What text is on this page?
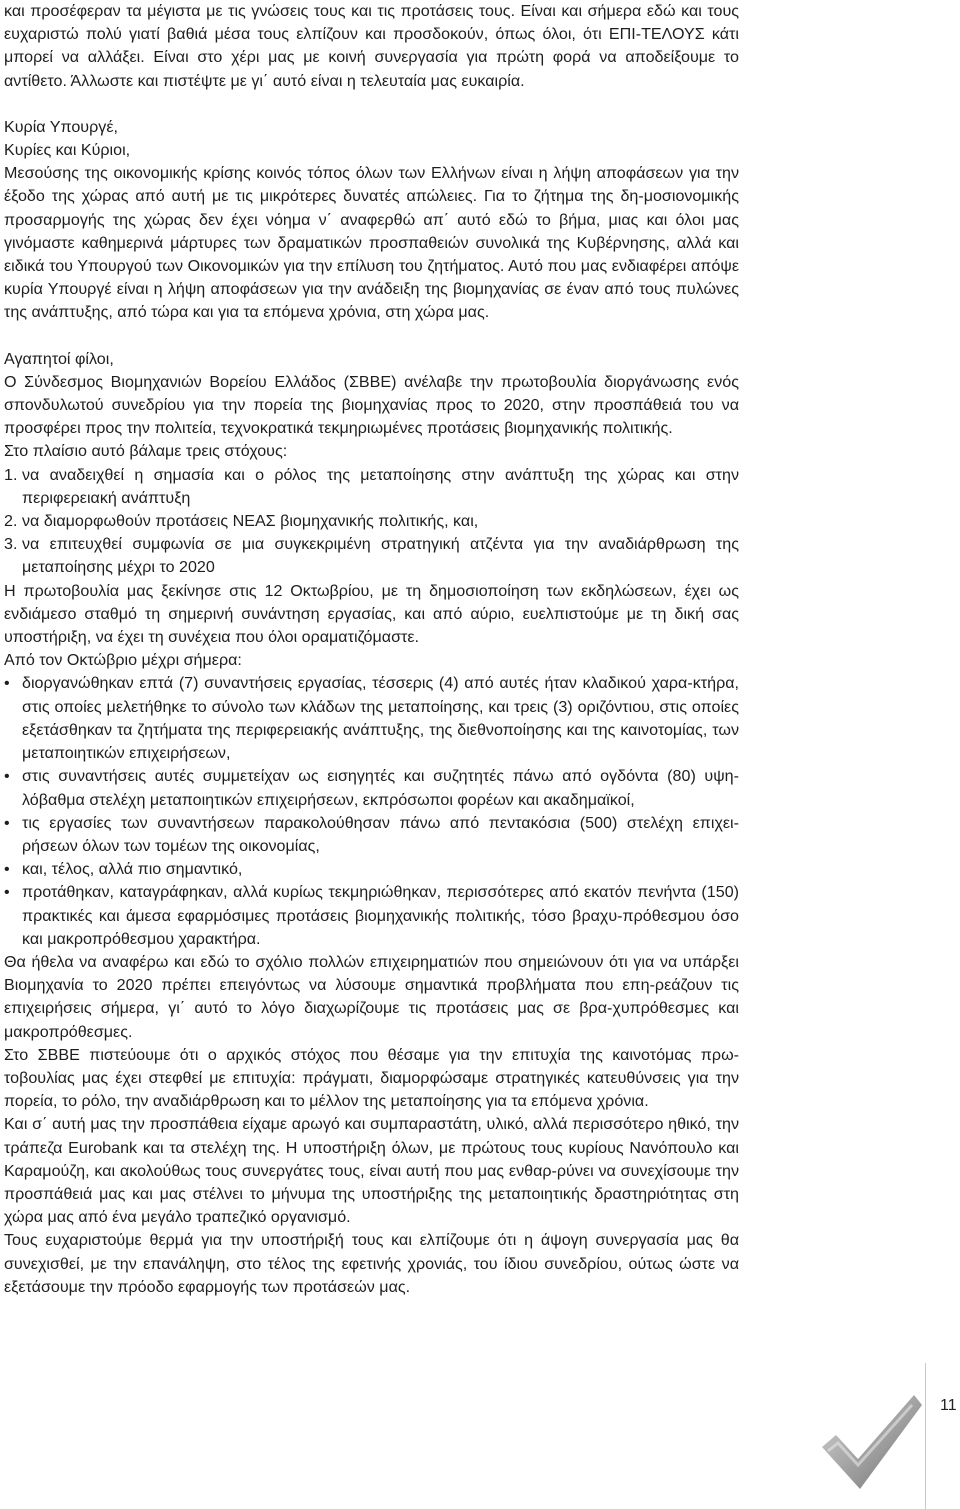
και προσέφεραν τα μέγιστα με τις γνώσεις τους και τις προτάσεις τους. Είναι και σήμερα εδώ και τους ευχαριστώ πολύ γιατί βαθιά μέσα τους ελπίζουν και προσδοκούν, όπως όλοι, ότι ΕΠΙ-ΤΕΛΟΥΣ κάτι μπορεί να αλλάξει. Είναι στο χέρι μας με κοινή συνεργασία για πρώτη φορά να αποδείξουμε το αντίθετο. Άλλωστε και πιστέψτε με γι΄ αυτό είναι η τελευταία μας ευκαιρία.

Κυρία Υπουργέ,

Κυρίες και Κύριοι,

Μεσούσης της οικονομικής κρίσης κοινός τόπος όλων των Ελλήνων είναι η λήψη αποφάσεων για την έξοδο της χώρας από αυτή με τις μικρότερες δυνατές απώλειες. Για το ζήτημα της δη-μοσιονομικής προσαρμογής της χώρας δεν έχει νόημα ν΄ αναφερθώ απ΄ αυτό εδώ το βήμα, μιας και όλοι μας γινόμαστε καθημερινά μάρτυρες των δραματικών προσπαθειών συνολικά της Κυβέρνησης, αλλά και ειδικά του Υπουργού των Οικονομικών για την επίλυση του ζητήματος. Αυτό που μας ενδιαφέρει απόψε κυρία Υπουργέ είναι η λήψη αποφάσεων για την ανάδειξη της βιομηχανίας σε έναν από τους πυλώνες της ανάπτυξης, από τώρα και για τα επόμενα χρόνια, στη χώρα μας.

Αγαπητοί φίλοι,

Ο Σύνδεσμος Βιομηχανιών Βορείου Ελλάδος (ΣΒΒΕ) ανέλαβε την πρωτοβουλία διοργάνωσης ενός σπονδυλωτού συνεδρίου για την πορεία της βιομηχανίας προς το 2020, στην προσπάθειά του να προσφέρει προς την πολιτεία, τεχνοκρατικά τεκμηριωμένες προτάσεις βιομηχανικής πολιτικής.

Στο πλαίσιο αυτό βάλαμε τρεις στόχους:

1. να αναδειχθεί η σημασία και ο ρόλος της μεταποίησης στην ανάπτυξη της χώρας και στην περιφερειακή ανάπτυξη
2. να διαμορφωθούν προτάσεις ΝΕΑΣ βιομηχανικής πολιτικής, και,
3. να επιτευχθεί συμφωνία σε μια συγκεκριμένη στρατηγική ατζέντα για την αναδιάρθρωση της μεταποίησης μέχρι το 2020

Η πρωτοβουλία μας ξεκίνησε στις 12 Οκτωβρίου, με τη δημοσιοποίηση των εκδηλώσεων, έχει ως ενδιάμεσο σταθμό τη σημερινή συνάντηση εργασίας, και από αύριο, ευελπιστούμε με τη δική σας υποστήριξη, να έχει τη συνέχεια που όλοι οραματιζόμαστε.

Από τον Οκτώβριο μέχρι σήμερα:

• διοργανώθηκαν επτά (7) συναντήσεις εργασίας, τέσσερις (4) από αυτές ήταν κλαδικού χαρα-κτήρα, στις οποίες μελετήθηκε το σύνολο των κλάδων της μεταποίησης, και τρεις (3) οριζόντιου, στις οποίες εξετάσθηκαν τα ζητήματα της περιφερειακής ανάπτυξης, της διεθνοποίησης και της καινοτομίας, των μεταποιητικών επιχειρήσεων,
• στις συναντήσεις αυτές συμμετείχαν ως εισηγητές και συζητητές πάνω από ογδόντα (80) υψη-λόβαθμα στελέχη μεταποιητικών επιχειρήσεων, εκπρόσωποι φορέων και ακαδημαϊκοί,
• τις εργασίες των συναντήσεων παρακολούθησαν πάνω από πεντακόσια (500) στελέχη επιχει-ρήσεων όλων των τομέων της οικονομίας,
• και, τέλος, αλλά πιο σημαντικό,
• προτάθηκαν, καταγράφηκαν, αλλά κυρίως τεκμηριώθηκαν, περισσότερες από εκατόν πενήντα (150) πρακτικές και άμεσα εφαρμόσιμες προτάσεις βιομηχανικής πολιτικής, τόσο βραχυ-πρόθεσμου όσο και μακροπρόθεσμου χαρακτήρα.

Θα ήθελα να αναφέρω και εδώ το σχόλιο πολλών επιχειρηματιών που σημειώνουν ότι για να υπάρξει Βιομηχανία το 2020 πρέπει επειγόντως να λύσουμε σημαντικά προβλήματα που επη-ρεάζουν τις επιχειρήσεις σήμερα, γι΄ αυτό το λόγο διαχωρίζουμε τις προτάσεις μας σε βρα-χυπρόθεσμες και μακροπρόθεσμες.

Στο ΣΒΒΕ πιστεύουμε ότι ο αρχικός στόχος που θέσαμε για την επιτυχία της καινοτόμας πρω-τοβουλίας μας έχει στεφθεί με επιτυχία: πράγματι, διαμορφώσαμε στρατηγικές κατευθύνσεις για την πορεία, το ρόλο, την αναδιάρθρωση και το μέλλον της μεταποίησης για τα επόμενα χρόνια.

Και σ΄ αυτή μας την προσπάθεια είχαμε αρωγό και συμπαραστάτη, υλικό, αλλά περισσότερο ηθικό, την τράπεζα Eurobank και τα στελέχη της. Η υποστήριξη όλων, με πρώτους τους κυρίους Νανόπουλο και Καραμούζη, και ακολούθως τους συνεργάτες τους, είναι αυτή που μας ενθαρ-ρύνει να συνεχίσουμε την προσπάθειά μας και μας στέλνει το μήνυμα της υποστήριξης της μεταποιητικής δραστηριότητας στη χώρα μας από ένα μεγάλο τραπεζικό οργανισμό.

Τους ευχαριστούμε θερμά για την υποστήριξή τους και ελπίζουμε ότι η άψογη συνεργασία μας θα συνεχισθεί, με την επανάληψη, στο τέλος της εφετινής χρονιάς, του ίδιου συνεδρίου, ούτως ώστε να εξετάσουμε την πρόοδο εφαρμογής των προτάσεών μας.

11
